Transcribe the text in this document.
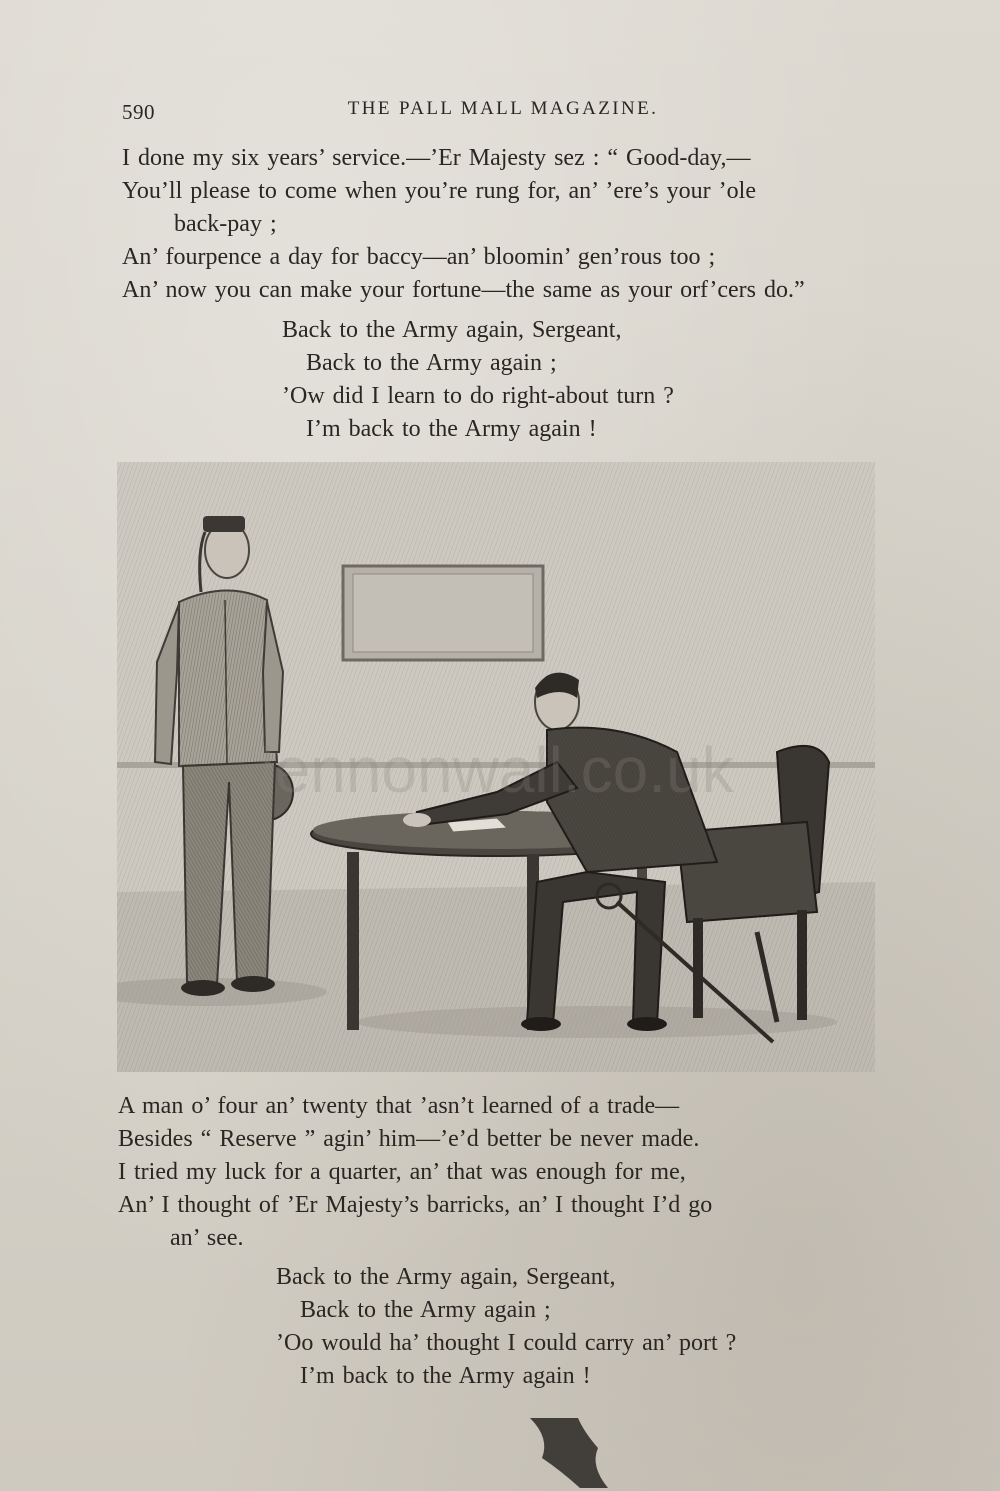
590	THE PALL MALL MAGAZINE.
I done my six years’ service.—’Er Majesty sez : “ Good-day,—
You’ll please to come when you’re rung for, an’ ’ere’s your ’ole
back-pay ;
An’ fourpence a day for baccy—an’ bloomin’ gen’rous too ;
An’ now you can make your fortune—the same as your orf’cers do.”
Back to the Army again, Sergeant,
Back to the Army again ;
’Ow did I learn to do right-about turn ?
I’m back to the Army again !
lennonwall.co.uk
A man o’ four an’ twenty that ’asn’t learned of a trade—
Besides “ Reserve ” agin’ him—’e’d better be never made.
I tried my luck for a quarter, an’ that was enough for me,
An’ I thought of ’Er Majesty’s barricks, an’ I thought I’d go
an’ see.
Back to the Army again, Sergeant,
Back to the Army again ;
’Oo would ha’ thought I could carry an’ port ?
I’m back to the Army again !
